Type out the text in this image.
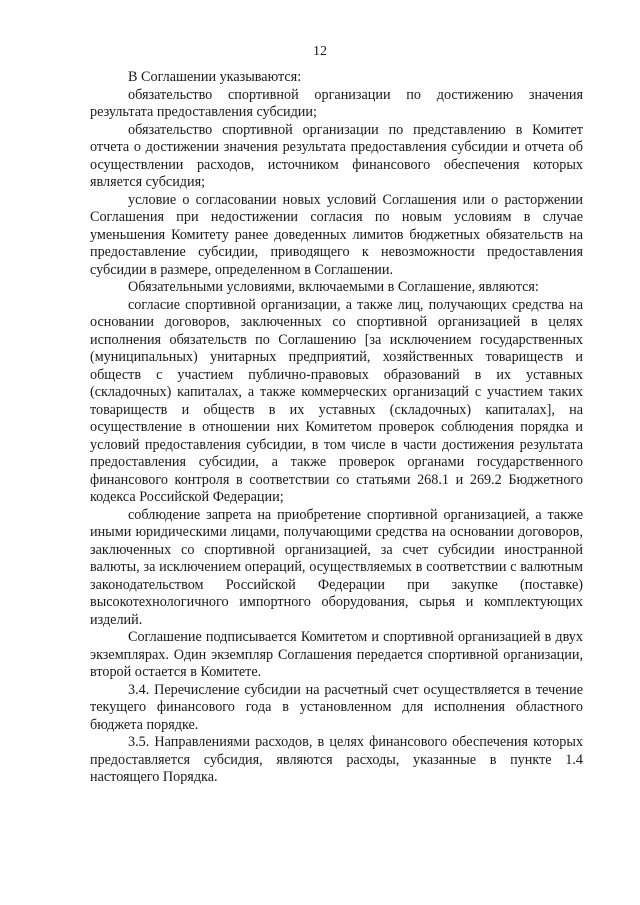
12

В Соглашении указываются:

обязательство спортивной организации по достижению значения результата предоставления субсидии;

обязательство спортивной организации по представлению в Комитет отчета о достижении значения результата предоставления субсидии и отчета об осуществлении расходов, источником финансового обеспечения которых является субсидия;

условие о согласовании новых условий Соглашения или о расторжении Соглашения при недостижении согласия по новым условиям в случае уменьшения Комитету ранее доведенных лимитов бюджетных обязательств на предоставление субсидии, приводящего к невозможности предоставления субсидии в размере, определенном в Соглашении.

Обязательными условиями, включаемыми в Соглашение, являются:

согласие спортивной организации, а также лиц, получающих средства на основании договоров, заключенных со спортивной организацией в целях исполнения обязательств по Соглашению [за исключением государственных (муниципальных) унитарных предприятий, хозяйственных товариществ и обществ с участием публично-правовых образований в их уставных (складочных) капиталах, а также коммерческих организаций с участием таких товариществ и обществ в их уставных (складочных) капиталах], на осуществление в отношении них Комитетом проверок соблюдения порядка и условий предоставления субсидии, в том числе в части достижения результата предоставления субсидии, а также проверок органами государственного финансового контроля в соответствии со статьями 268.1 и 269.2 Бюджетного кодекса Российской Федерации;

соблюдение запрета на приобретение спортивной организацией, а также иными юридическими лицами, получающими средства на основании договоров, заключенных со спортивной организацией, за счет субсидии иностранной валюты, за исключением операций, осуществляемых в соответствии с валютным законодательством Российской Федерации при закупке (поставке) высокотехнологичного импортного оборудования, сырья и комплектующих изделий.

Соглашение подписывается Комитетом и спортивной организацией в двух экземплярах. Один экземпляр Соглашения передается спортивной организации, второй остается в Комитете.

3.4. Перечисление субсидии на расчетный счет осуществляется в течение текущего финансового года в установленном для исполнения областного бюджета порядке.

3.5. Направлениями расходов, в целях финансового обеспечения которых предоставляется субсидия, являются расходы, указанные в пункте 1.4 настоящего Порядка.
